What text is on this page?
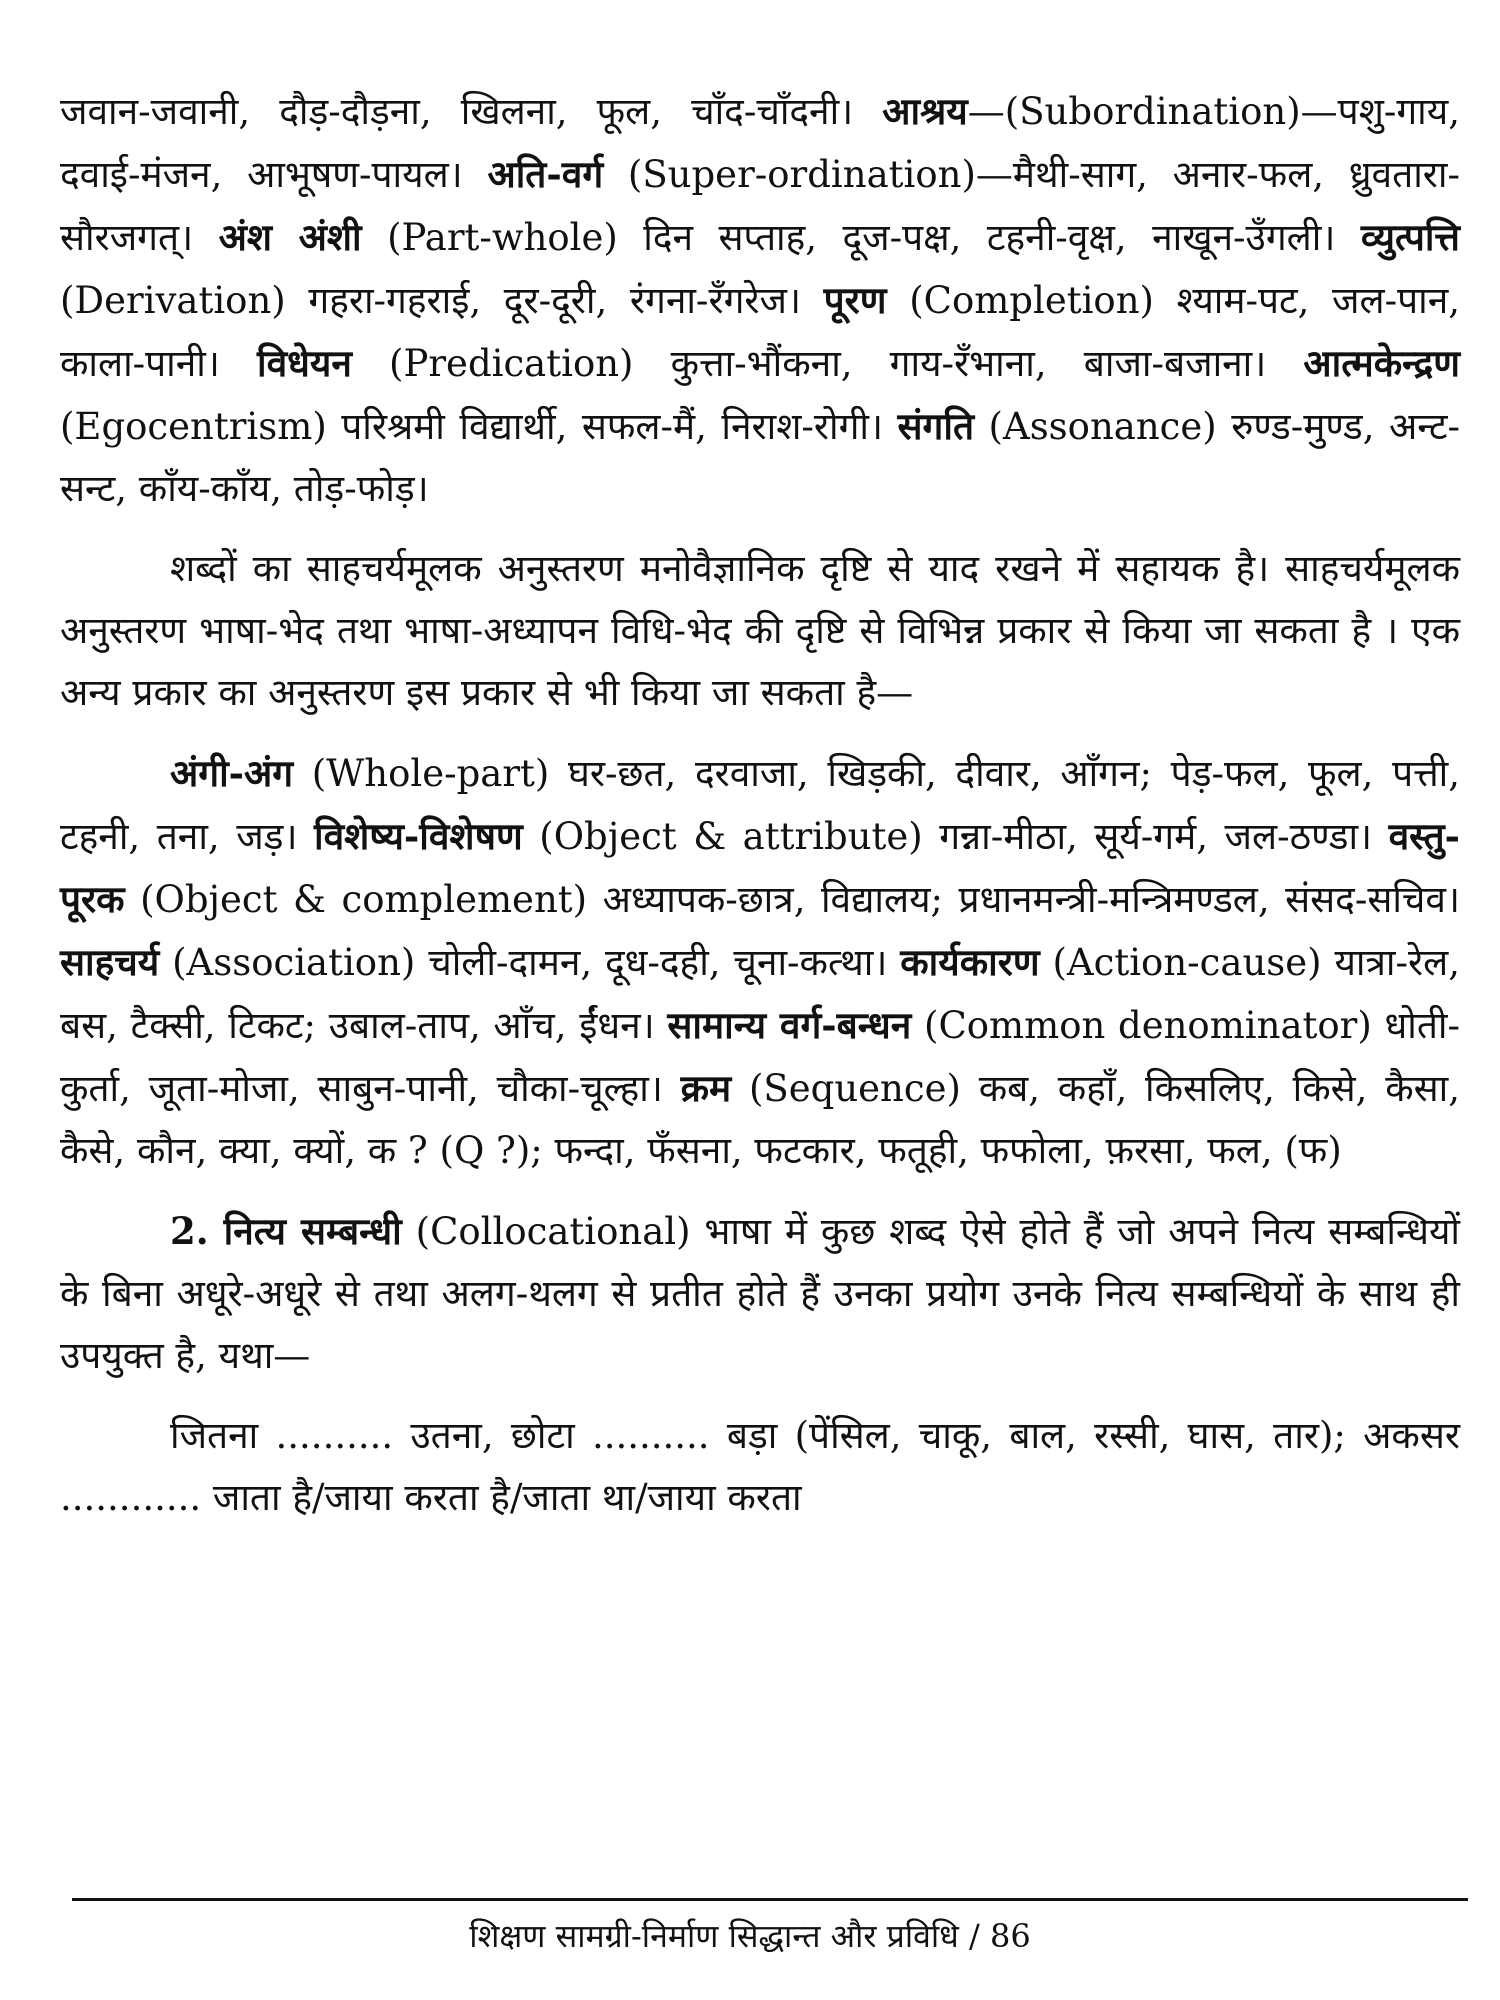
जवान-जवानी, दौड़-दौड़ना, खिलना, फूल, चाँद-चाँदनी। आश्रय—(Subordination)—पशु-गाय, दवाई-मंजन, आभूषण-पायल। अति-वर्ग (Super-ordination)—मैथी-साग, अनार-फल, ध्रुवतारा-सौरजगत्। अंश अंशी (Part-whole) दिन सप्ताह, दूज-पक्ष, टहनी-वृक्ष, नाखून-उँगली। व्युत्पत्ति (Derivation) गहरा-गहराई, दूर-दूरी, रंगना-रँगरेज। पूरण (Completion) श्याम-पट, जल-पान, काला-पानी। विधेयन (Predication) कुत्ता-भौंकना, गाय-रँभाना, बाजा-बजाना। आत्मकेन्द्रण (Egocentrism) परिश्रमी विद्यार्थी, सफल-मैं, निराश-रोगी। संगति (Assonance) रुण्ड-मुण्ड, अन्ट-सन्ट, काँय-काँय, तोड़-फोड़।

शब्दों का साहचर्यमूलक अनुस्तरण मनोवैज्ञानिक दृष्टि से याद रखने में सहायक है। साहचर्यमूलक अनुस्तरण भाषा-भेद तथा भाषा-अध्यापन विधि-भेद की दृष्टि से विभिन्न प्रकार से किया जा सकता है । एक अन्य प्रकार का अनुस्तरण इस प्रकार से भी किया जा सकता है—

अंगी-अंग (Whole-part) घर-छत, दरवाजा, खिड़की, दीवार, आँगन; पेड़-फल, फूल, पत्ती, टहनी, तना, जड़। विशेष्य-विशेषण (Object & attribute) गन्ना-मीठा, सूर्य-गर्म, जल-ठण्डा। वस्तु-पूरक (Object & complement) अध्यापक-छात्र, विद्यालय; प्रधानमन्त्री-मन्त्रिमण्डल, संसद-सचिव। साहचर्य (Association) चोली-दामन, दूध-दही, चूना-कत्था। कार्यकारण (Action-cause) यात्रा-रेल, बस, टैक्सी, टिकट; उबाल-ताप, आँच, ईंधन। सामान्य वर्ग-बन्धन (Common denominator) धोती-कुर्ता, जूता-मोजा, साबुन-पानी, चौका-चूल्हा। क्रम (Sequence) कब, कहाँ, किसलिए, किसे, कैसा, कैसे, कौन, क्या, क्यों, क ? (Q ?); फन्दा, फँसना, फटकार, फतूही, फफोला, फ़रसा, फल, (फ)

2. नित्य सम्बन्धी (Collocational) भाषा में कुछ शब्द ऐसे होते हैं जो अपने नित्य सम्बन्धियों के बिना अधूरे-अधूरे से तथा अलग-थलग से प्रतीत होते हैं उनका प्रयोग उनके नित्य सम्बन्धियों के साथ ही उपयुक्त है, यथा—

जितना .......... उतना, छोटा .......... बड़ा (पेंसिल, चाकू, बाल, रस्सी, घास, तार); अकसर ............ जाता है/जाया करता है/जाता था/जाया करता

शिक्षण सामग्री-निर्माण सिद्धान्त और प्रविधि / 86
